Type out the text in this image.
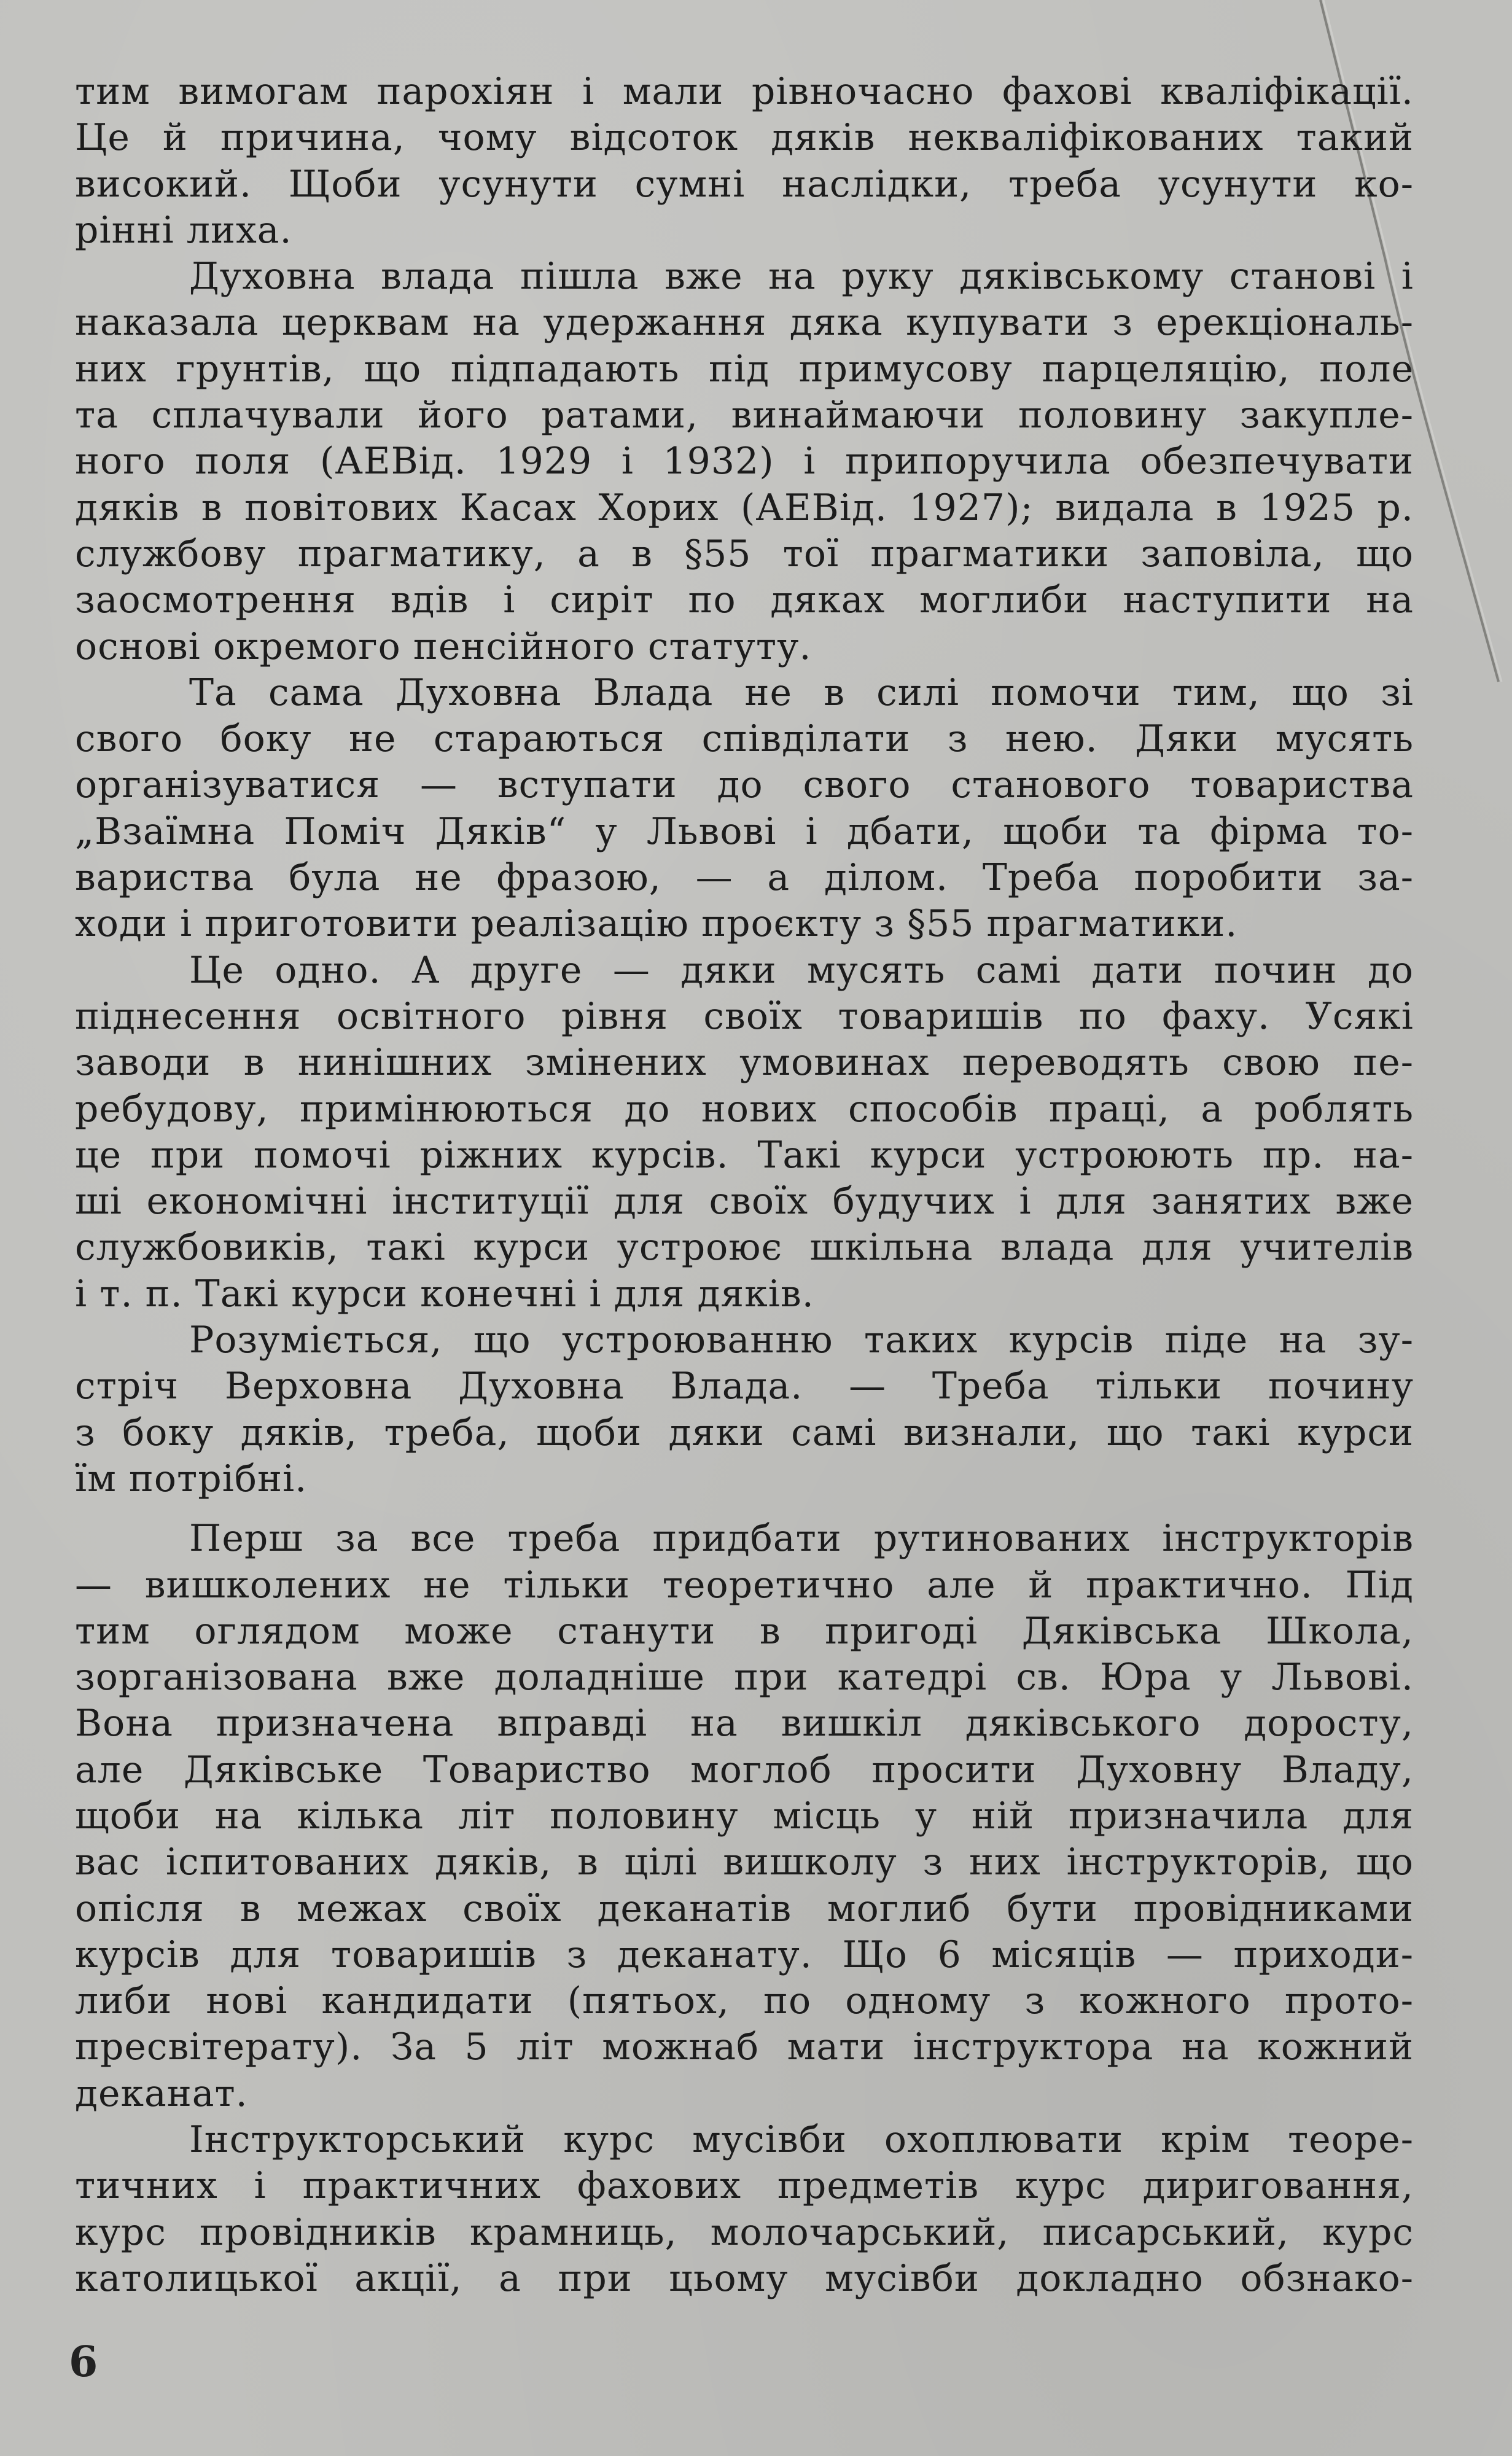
тим вимогам парохіян і мали рівночасно фахові кваліфікації.
Це й причина, чому відсоток дяків некваліфікованих такий
високий. Щоби усунути сумні наслідки, треба усунути ко-
рінні лиха.
Духовна влада пішла вже на руку дяківському станові і
наказала церквам на удержання дяка купувати з ерекціональ-
них грунтів, що підпадають під примусову парцеляцію, поле
та сплачували його ратами, винаймаючи половину закупле-
ного поля (АЕВід. 1929 і 1932) і припоручила обезпечувати
дяків в повітових Касах Хорих (АЕВід. 1927); видала в 1925 р.
службову прагматику, а в §55 тої прагматики заповіла, що
заосмотрення вдів і сиріт по дяках моглиби наступити на
основі окремого пенсійного статуту.
Та сама Духовна Влада не в силі помочи тим, що зі
свого боку не стараються співділати з нею. Дяки мусять
організуватися — вступати до свого станового товариства
„Взаїмна Поміч Дяків“ у Львові і дбати, щоби та фірма то-
вариства була не фразою, — а ділом. Треба поробити за-
ходи і приготовити реалізацію проєкту з §55 прагматики.
Це одно. А друге — дяки мусять самі дати почин до
піднесення освітного рівня своїх товаришів по фаху. Усякі
заводи в нинішних змінених умовинах переводять свою пе-
ребудову, примінюються до нових способів праці, а роблять
це при помочі ріжних курсів. Такі курси устроюють пр. на-
ші економічні інституції для своїх будучих і для занятих вже
службовиків, такі курси устроює шкільна влада для учителів
і т. п. Такі курси конечні і для дяків.
Розуміється, що устроюванню таких курсів піде на зу-
стріч Верховна Духовна Влада. — Треба тільки почину
з боку дяків, треба, щоби дяки самі визнали, що такі курси
їм потрібні.
Перш за все треба придбати рутинованих інструкторів
— вишколених не тільки теоретично але й практично. Під
тим оглядом може станути в пригоді Дяківська Школа,
зорганізована вже доладніше при катедрі св. Юра у Львові.
Вона призначена вправді на вишкіл дяківського доросту,
але Дяківське Товариство моглоб просити Духовну Владу,
щоби на кілька літ половину місць у ній призначила для
вас іспитованих дяків, в цілі вишколу з них інструкторів, що
опісля в межах своїх деканатів моглиб бути провідниками
курсів для товаришів з деканату. Що 6 місяців — приходи-
либи нові кандидати (пятьох, по одному з кожного прото-
пресвітерату). За 5 літ можнаб мати інструктора на кожний
деканат.
Інструкторський курс мусівби охоплювати крім теоре-
тичних і практичних фахових предметів курс дириговання,
курс провідників крамниць, молочарський, писарський, курс
католицької акції, а при цьому мусівби докладно обзнако-
6
